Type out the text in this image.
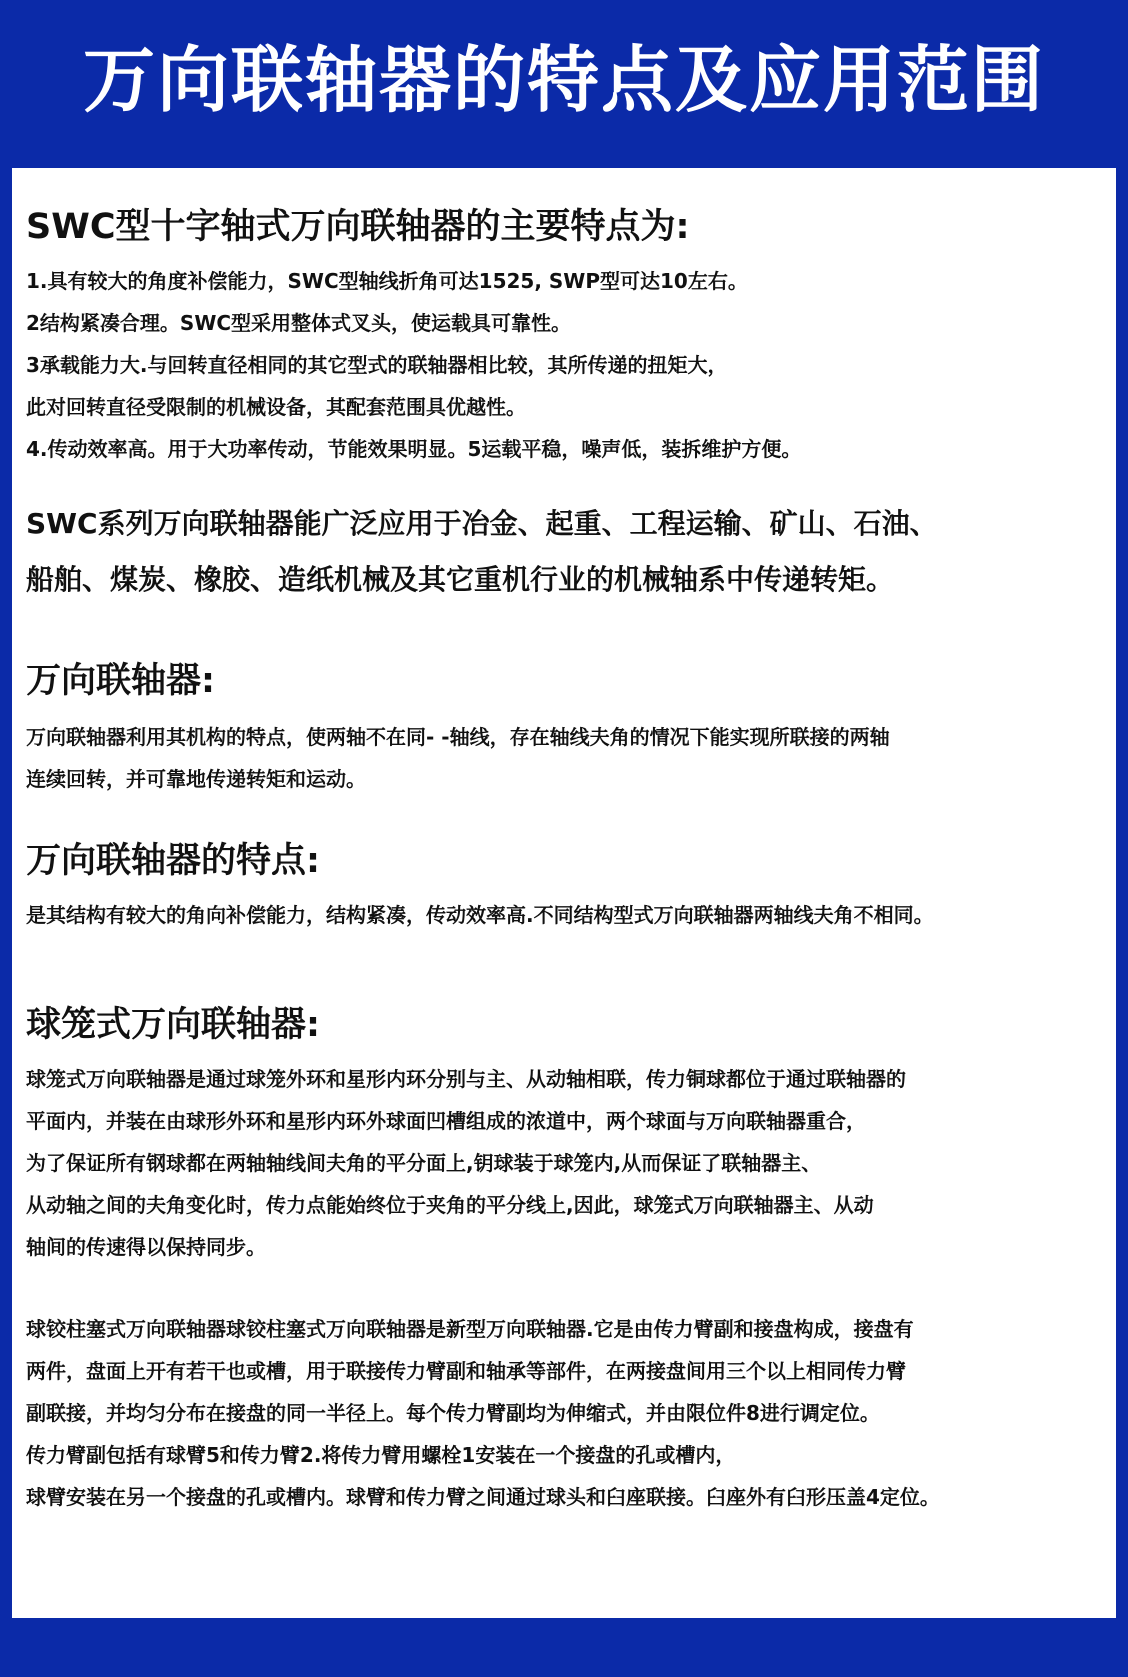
万向联轴器的特点及应用范围
SWC型十字轴式万向联轴器的主要特点为:

1.具有较大的角度补偿能力，SWC型轴线折角可达1525, SWP型可达10左右。
2结构紧凑合理。SWC型采用整体式叉头，使运载具可靠性。
3承载能力大.与回转直径相同的其它型式的联轴器相比较，其所传递的扭矩大，
此对回转直径受限制的机械设备，其配套范围具优越性。
4.传动效率高。用于大功率传动，节能效果明显。5运载平稳，噪声低，装拆维护方便。

SWC系列万向联轴器能广泛应用于冶金、起重、工程运输、矿山、石油、
船舶、煤炭、橡胶、造纸机械及其它重机行业的机械轴系中传递转矩。

万向联轴器:

万向联轴器利用其机构的特点，使两轴不在同- -轴线，存在轴线夫角的情况下能实现所联接的两轴
连续回转，并可靠地传递转矩和运动。

万向联轴器的特点:

是其结构有较大的角向补偿能力，结构紧凑，传动效率高.不同结构型式万向联轴器两轴线夫角不相同。

球笼式万向联轴器:

球笼式万向联轴器是通过球笼外环和星形内环分别与主、从动轴相联，传力铜球都位于通过联轴器的
平面内，并装在由球形外环和星形内环外球面凹槽组成的浓道中，两个球面与万向联轴器重合，
为了保证所有钢球都在两轴轴线间夫角的平分面上,钥球装于球笼内,从而保证了联轴器主、
从动轴之间的夫角变化时，传力点能始终位于夹角的平分线上,因此，球笼式万向联轴器主、从动
轴间的传速得以保持同步。

球铰柱塞式万向联轴器球铰柱塞式万向联轴器是新型万向联轴器.它是由传力臂副和接盘构成，接盘有
两件，盘面上开有若干也或槽，用于联接传力臂副和轴承等部件，在两接盘间用三个以上相同传力臂
副联接，并均匀分布在接盘的同一半径上。每个传力臂副均为伸缩式，并由限位件8进行调定位。
传力臂副包括有球臂5和传力臂2.将传力臂用螺栓1安装在一个接盘的孔或槽内，
球臂安装在另一个接盘的孔或槽内。球臂和传力臂之间通过球头和臼座联接。臼座外有臼形压盖4定位。
